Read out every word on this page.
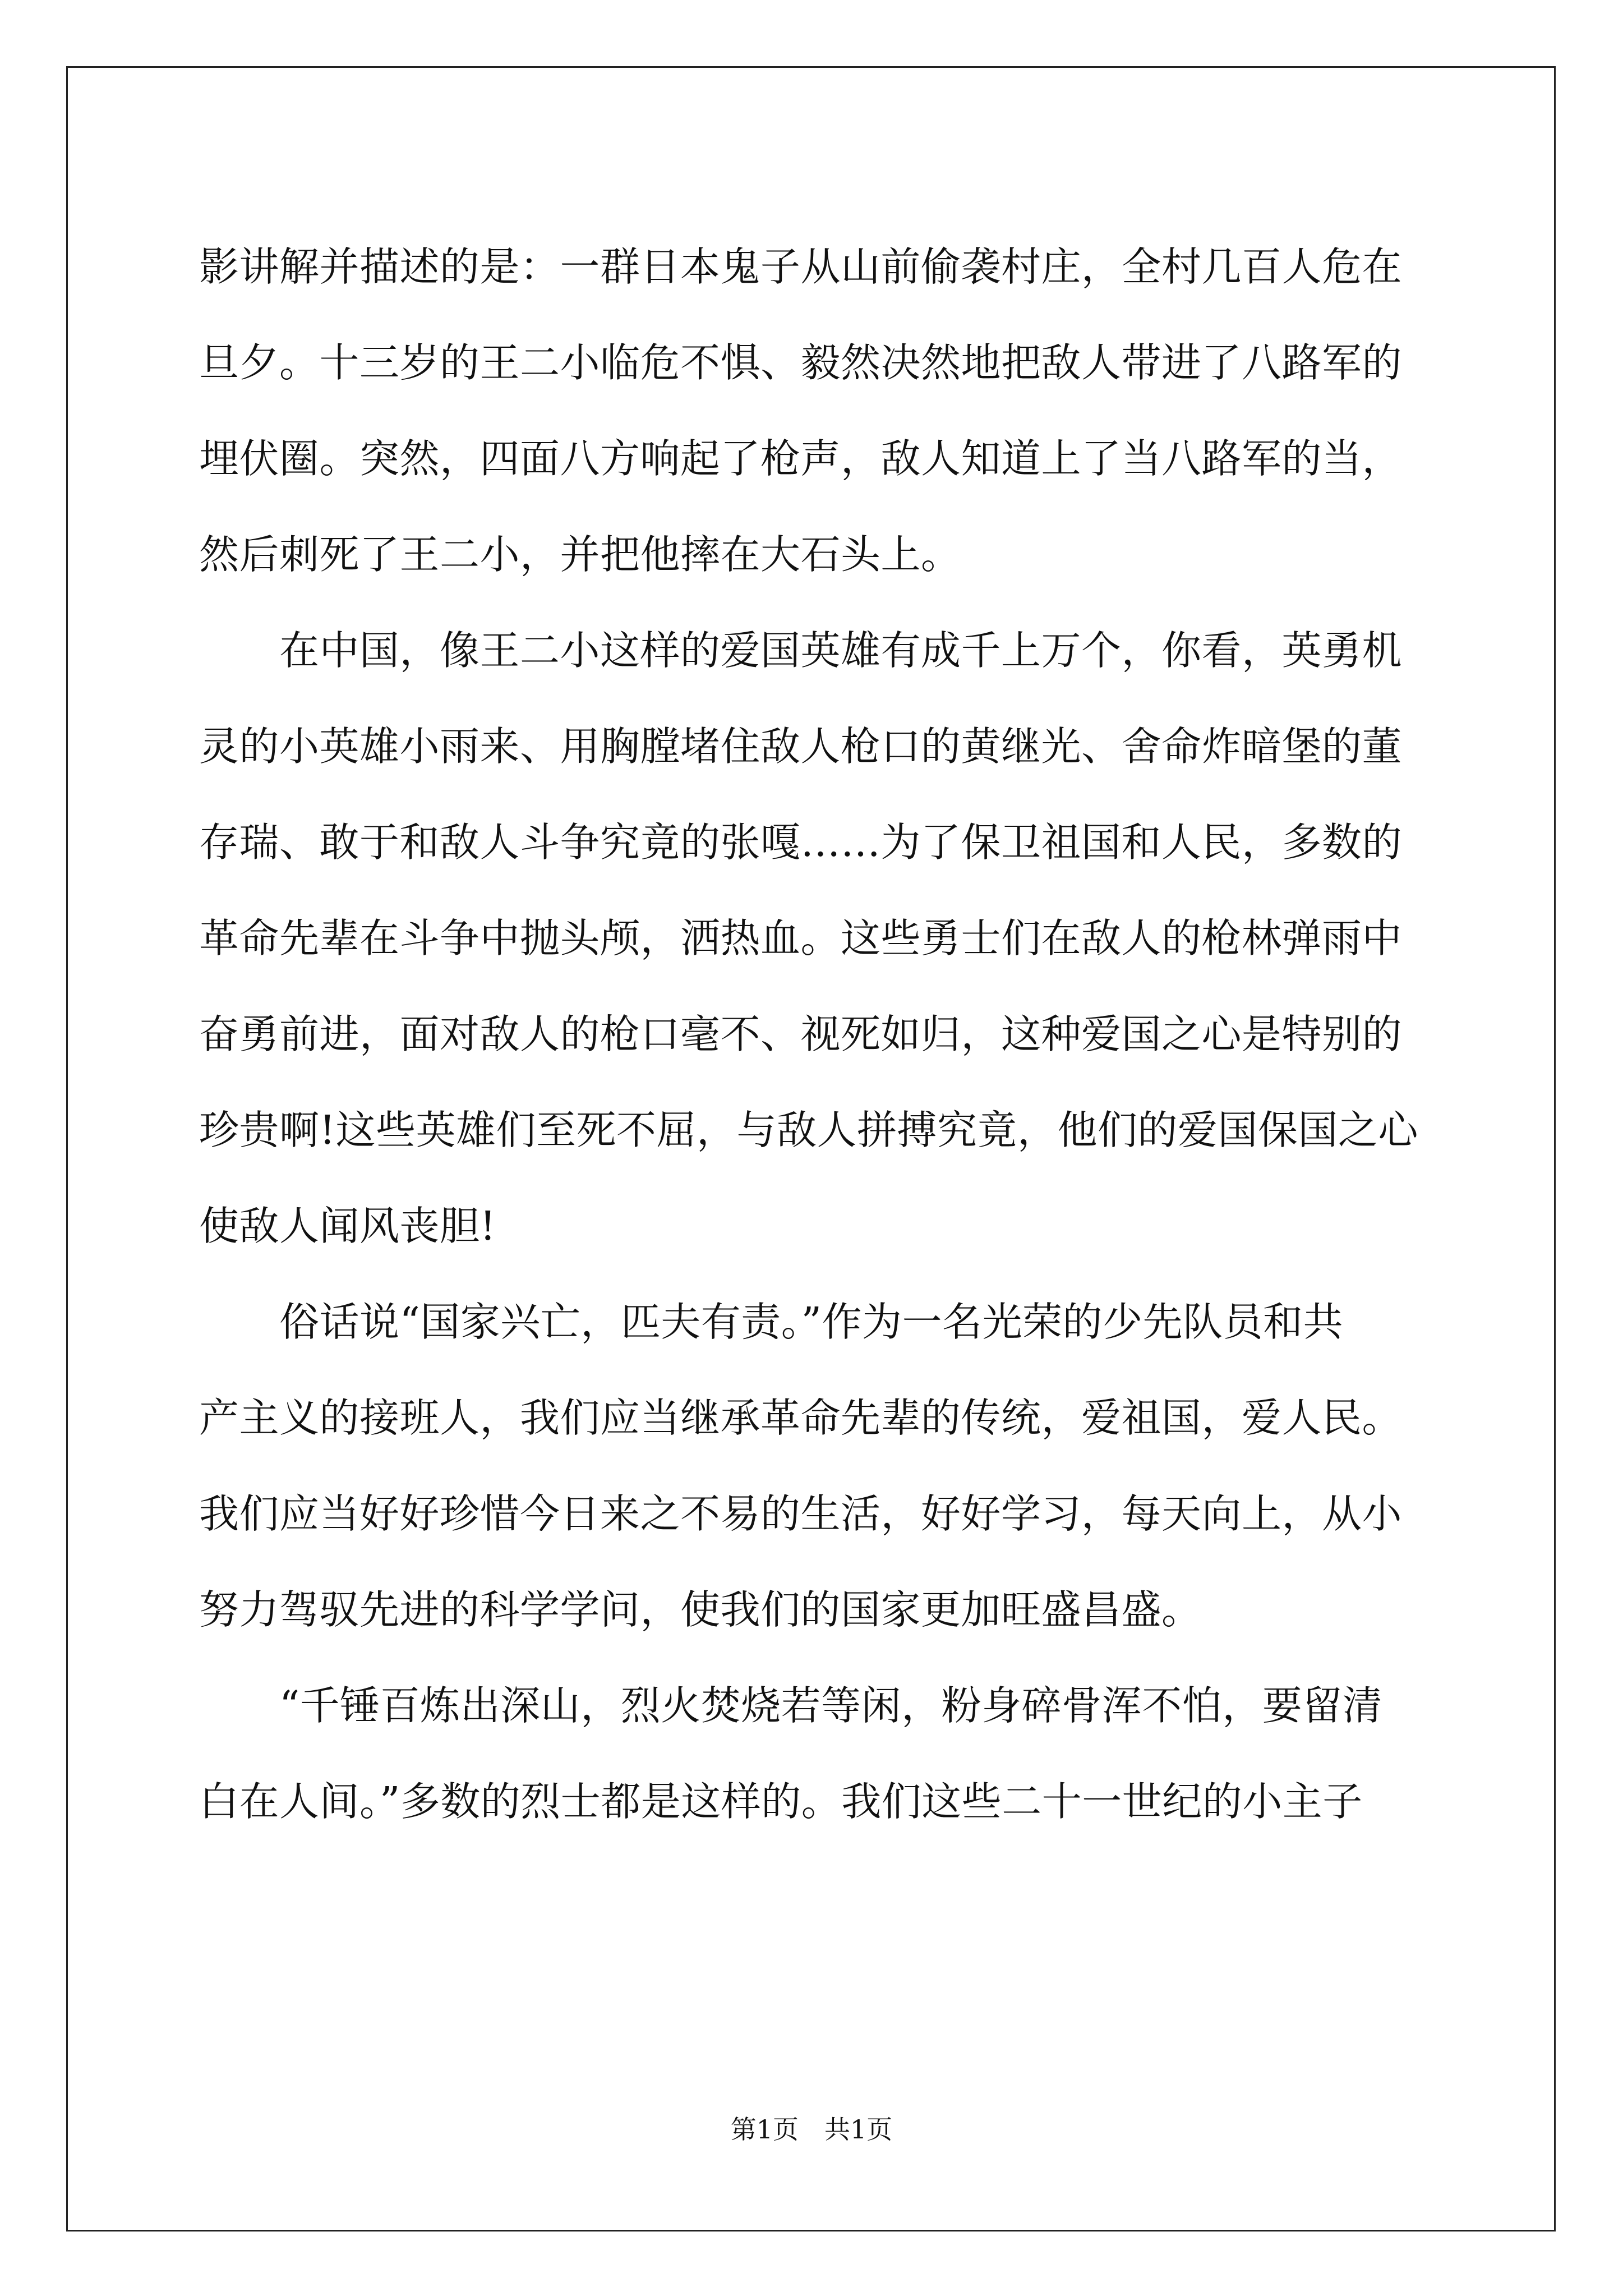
影讲解并描述的是：一群日本鬼子从山前偷袭村庄，全村几百人危在
旦夕。十三岁的王二小临危不惧、毅然决然地把敌人带进了八路军的
埋伏圈。突然，四面八方响起了枪声，敌人知道上了当八路军的当，
然后刺死了王二小，并把他摔在大石头上。
　　在中国，像王二小这样的爱国英雄有成千上万个，你看，英勇机
灵的小英雄小雨来、用胸膛堵住敌人枪口的黄继光、舍命炸暗堡的董
存瑞、敢于和敌人斗争究竟的张嘎……为了保卫祖国和人民，多数的
革命先辈在斗争中抛头颅，洒热血。这些勇士们在敌人的枪林弹雨中
奋勇前进，面对敌人的枪口毫不、视死如归，这种爱国之心是特别的
珍贵啊!这些英雄们至死不屈，与敌人拼搏究竟，他们的爱国保国之心
使敌人闻风丧胆!
　　俗话说“国家兴亡，匹夫有责。”作为一名光荣的少先队员和共
产主义的接班人，我们应当继承革命先辈的传统，爱祖国，爱人民。
我们应当好好珍惜今日来之不易的生活，好好学习，每天向上，从小
努力驾驭先进的科学学问，使我们的国家更加旺盛昌盛。
　　“千锤百炼出深山，烈火焚烧若等闲，粉身碎骨浑不怕，要留清
白在人间。”多数的烈士都是这样的。我们这些二十一世纪的小主子
第1页　共1页
